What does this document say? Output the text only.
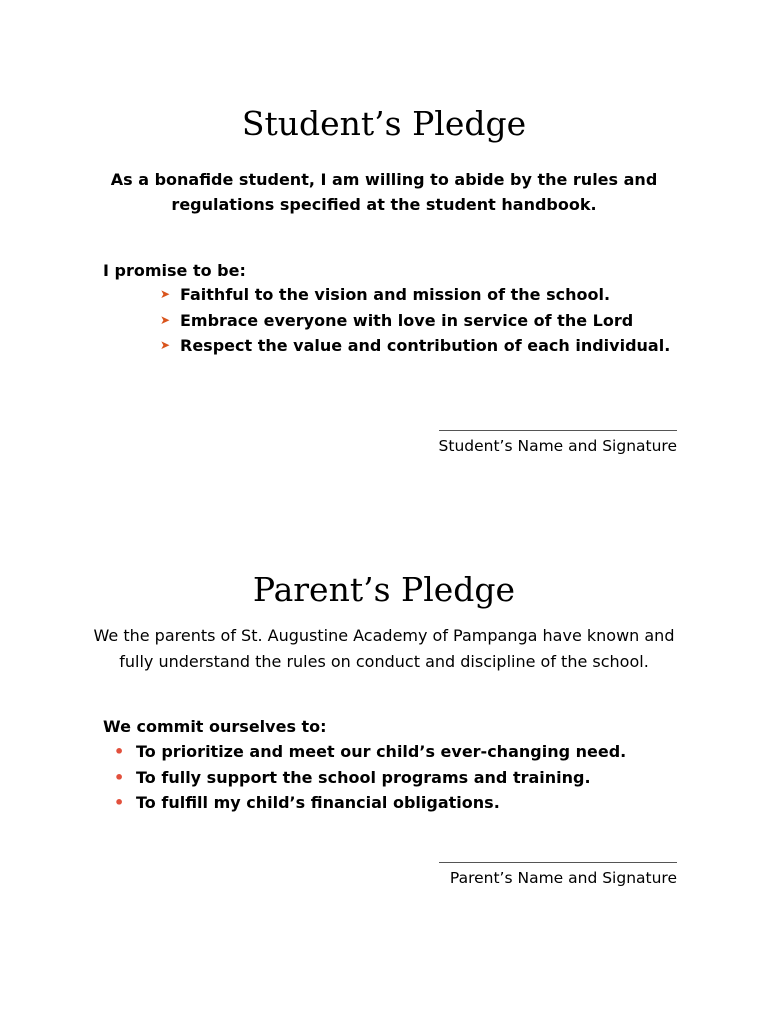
Student’s Pledge
As a bonafide student, I am willing to abide by the rules and
regulations specified at the student handbook.
I promise to be:
➤ Faithful to the vision and mission of the school.
➤ Embrace everyone with love in service of the Lord
➤ Respect the value and contribution of each individual.
Student’s Name and Signature
Parent’s Pledge
We the parents of St. Augustine Academy of Pampanga have known and
fully understand the rules on conduct and discipline of the school.
We commit ourselves to:
• To prioritize and meet our child’s ever-changing need.
• To fully support the school programs and training.
• To fulfill my child’s financial obligations.
Parent’s Name and Signature
